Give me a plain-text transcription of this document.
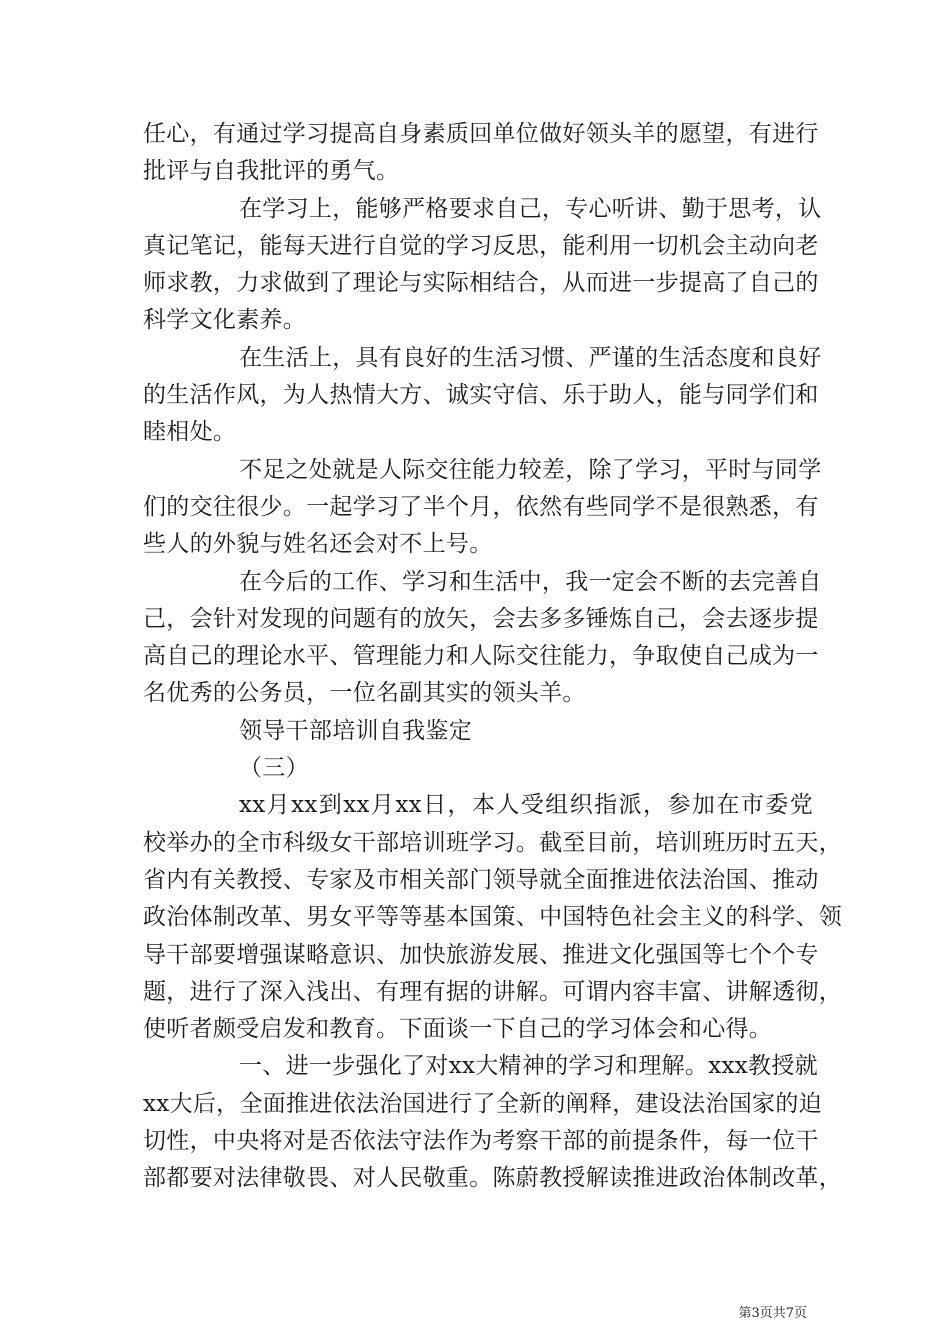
任心，有通过学习提高自身素质回单位做好领头羊的愿望，有进行
批评与自我批评的勇气。
在学习上，能够严格要求自己，专心听讲、勤于思考，认
真记笔记，能每天进行自觉的学习反思，能利用一切机会主动向老
师求教，力求做到了理论与实际相结合，从而进一步提高了自己的
科学文化素养。
在生活上，具有良好的生活习惯、严谨的生活态度和良好
的生活作风，为人热情大方、诚实守信、乐于助人，能与同学们和
睦相处。
不足之处就是人际交往能力较差，除了学习，平时与同学
们的交往很少。一起学习了半个月，依然有些同学不是很熟悉，有
些人的外貌与姓名还会对不上号。
在今后的工作、学习和生活中，我一定会不断的去完善自
己，会针对发现的问题有的放矢，会去多多锤炼自己，会去逐步提
高自己的理论水平、管理能力和人际交往能力，争取使自己成为一
名优秀的公务员，一位名副其实的领头羊。
领导干部培训自我鉴定
（三）
xx月xx到xx月xx日，本人受组织指派，参加在市委党
校举办的全市科级女干部培训班学习。截至目前，培训班历时五天，
省内有关教授、专家及市相关部门领导就全面推进依法治国、推动
政治体制改革、男女平等等基本国策、中国特色社会主义的科学、领
导干部要增强谋略意识、加快旅游发展、推进文化强国等七个个专
题，进行了深入浅出、有理有据的讲解。可谓内容丰富、讲解透彻，
使听者颇受启发和教育。下面谈一下自己的学习体会和心得。
一、进一步强化了对xx大精神的学习和理解。xxx教授就
xx大后，全面推进依法治国进行了全新的阐释，建设法治国家的迫
切性，中央将对是否依法守法作为考察干部的前提条件，每一位干
部都要对法律敬畏、对人民敬重。陈蔚教授解读推进政治体制改革，
第3页共7页
